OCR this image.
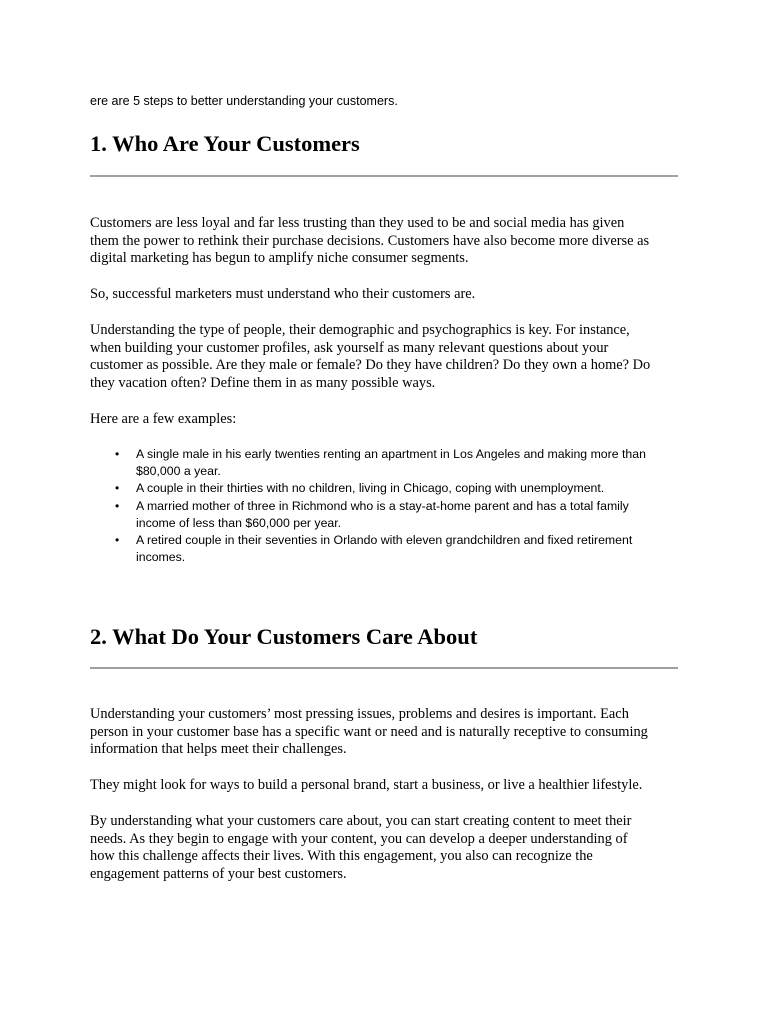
ere are 5 steps to better understanding your customers.

1. Who Are Your Customers
Customers are less loyal and far less trusting than they used to be and social media has given
them the power to rethink their purchase decisions. Customers have also become more diverse as
digital marketing has begun to amplify niche consumer segments.
So, successful marketers must understand who their customers are.
Understanding the type of people, their demographic and psychographics is key. For instance,
when building your customer profiles, ask yourself as many relevant questions about your
customer as possible. Are they male or female? Do they have children? Do they own a home? Do
they vacation often? Define them in as many possible ways.
Here are a few examples:
• A single male in his early twenties renting an apartment in Los Angeles and making more than
$80,000 a year.
• A couple in their thirties with no children, living in Chicago, coping with unemployment.
• A married mother of three in Richmond who is a stay-at-home parent and has a total family
income of less than $60,000 per year.
• A retired couple in their seventies in Orlando with eleven grandchildren and fixed retirement
incomes.
2. What Do Your Customers Care About
Understanding your customers’ most pressing issues, problems and desires is important. Each
person in your customer base has a specific want or need and is naturally receptive to consuming
information that helps meet their challenges.
They might look for ways to build a personal brand, start a business, or live a healthier lifestyle.
By understanding what your customers care about, you can start creating content to meet their
needs. As they begin to engage with your content, you can develop a deeper understanding of
how this challenge affects their lives. With this engagement, you also can recognize the
engagement patterns of your best customers.
